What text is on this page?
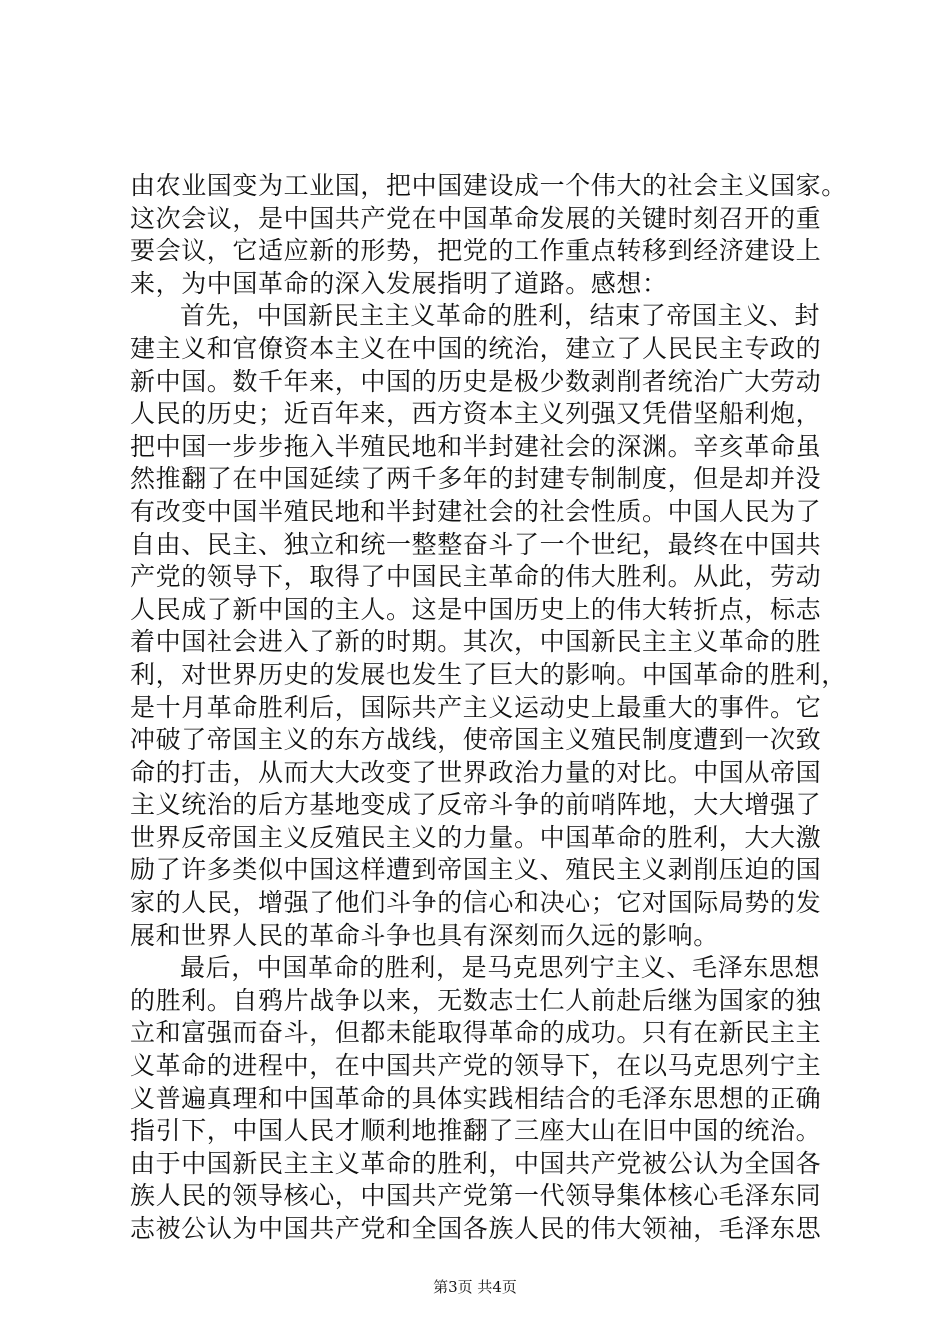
由农业国变为工业国，把中国建设成一个伟大的社会主义国家。
这次会议，是中国共产党在中国革命发展的关键时刻召开的重
要会议，它适应新的形势，把党的工作重点转移到经济建设上
来，为中国革命的深入发展指明了道路。感想：
首先，中国新民主主义革命的胜利，结束了帝国主义、封
建主义和官僚资本主义在中国的统治，建立了人民民主专政的
新中国。数千年来，中国的历史是极少数剥削者统治广大劳动
人民的历史；近百年来，西方资本主义列强又凭借坚船利炮，
把中国一步步拖入半殖民地和半封建社会的深渊。辛亥革命虽
然推翻了在中国延续了两千多年的封建专制制度，但是却并没
有改变中国半殖民地和半封建社会的社会性质。中国人民为了
自由、民主、独立和统一整整奋斗了一个世纪，最终在中国共
产党的领导下，取得了中国民主革命的伟大胜利。从此，劳动
人民成了新中国的主人。这是中国历史上的伟大转折点，标志
着中国社会进入了新的时期。其次，中国新民主主义革命的胜
利，对世界历史的发展也发生了巨大的影响。中国革命的胜利，
是十月革命胜利后，国际共产主义运动史上最重大的事件。它
冲破了帝国主义的东方战线，使帝国主义殖民制度遭到一次致
命的打击，从而大大改变了世界政治力量的对比。中国从帝国
主义统治的后方基地变成了反帝斗争的前哨阵地，大大增强了
世界反帝国主义反殖民主义的力量。中国革命的胜利，大大激
励了许多类似中国这样遭到帝国主义、殖民主义剥削压迫的国
家的人民，增强了他们斗争的信心和决心；它对国际局势的发
展和世界人民的革命斗争也具有深刻而久远的影响。
最后，中国革命的胜利，是马克思列宁主义、毛泽东思想
的胜利。自鸦片战争以来，无数志士仁人前赴后继为国家的独
立和富强而奋斗，但都未能取得革命的成功。只有在新民主主
义革命的进程中，在中国共产党的领导下，在以马克思列宁主
义普遍真理和中国革命的具体实践相结合的毛泽东思想的正确
指引下，中国人民才顺利地推翻了三座大山在旧中国的统治。
由于中国新民主主义革命的胜利，中国共产党被公认为全国各
族人民的领导核心，中国共产党第一代领导集体核心毛泽东同
志被公认为中国共产党和全国各族人民的伟大领袖，毛泽东思
第3页 共4页
